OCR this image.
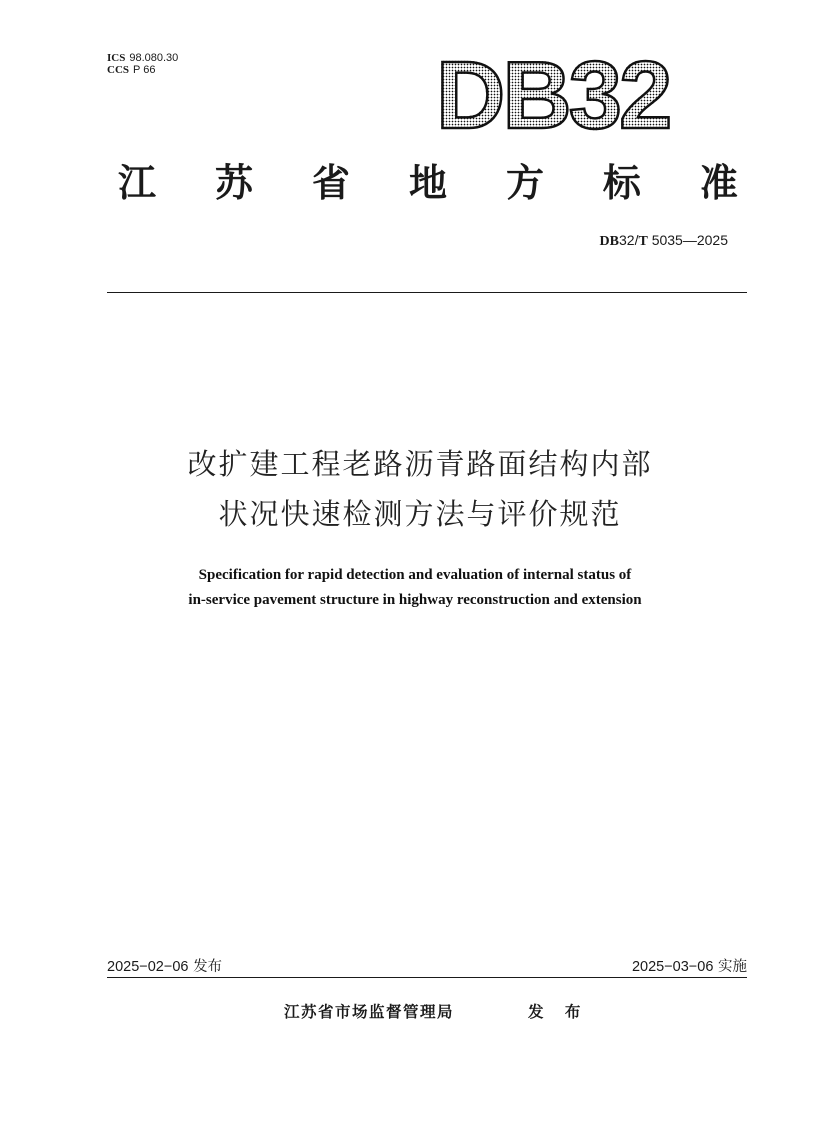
ICS 98.080.30
CCS P 66	DB32
江 苏 省 地 方 标 准
DB32/T 5035—2025
改扩建工程老路沥青路面结构内部
状况快速检测方法与评价规范
Specification for rapid detection and evaluation of internal status of
in-service pavement structure in highway reconstruction and extension
2025−02−06 发布	2025−03−06 实施
江苏省市场监督管理局	发 布
